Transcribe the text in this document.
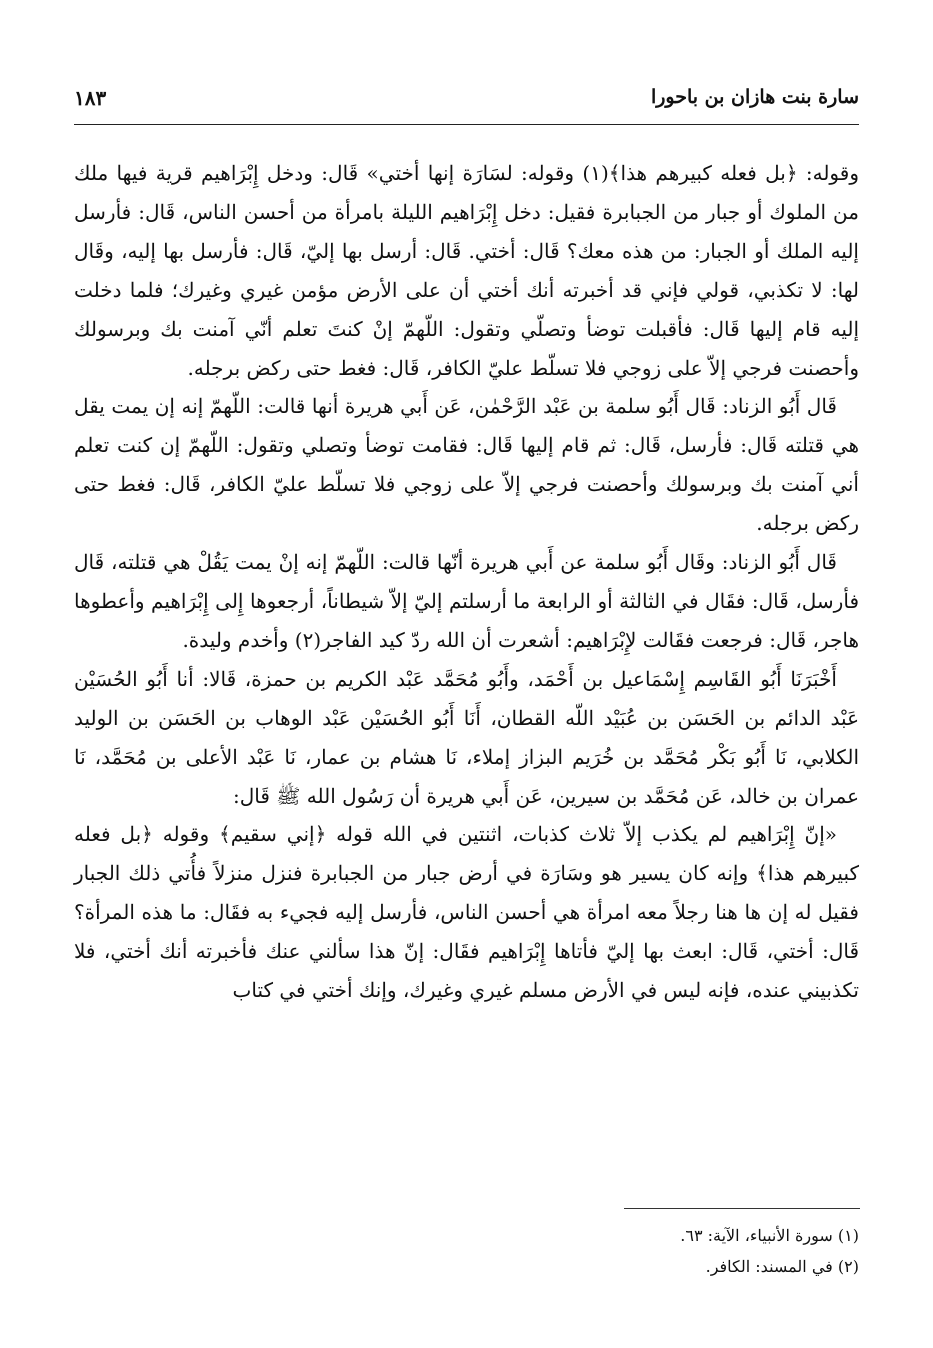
سارة بنت هازان بن باحورا
١٨٣

وقوله: ﴿بل فعله كبيرهم هذا﴾(١) وقوله: لسَارَة إنها أختي» قَال: ودخل إِبْرَاهيم قرية فيها ملك من الملوك أو جبار من الجبابرة فقيل: دخل إِبْرَاهيم الليلة بامرأة من أحسن الناس، قَال: فأرسل إليه الملك أو الجبار: من هذه معك؟ قَال: أختي. قَال: أرسل بها إليّ، قَال: فأرسل بها إليه، وقَال لها: لا تكذبي، قولي فإني قد أخبرته أنك أختي أن على الأرض مؤمن غيري وغيرك؛ فلما دخلت إليه قام إليها قَال: فأقبلت توضأ وتصلّي وتقول: اللّهمّ إنْ كنتَ تعلم أنّي آمنت بك وبرسولك وأحصنت فرجي إلاّ على زوجي فلا تسلّط عليّ الكافر، قَال: فغط حتى ركض برجله.

قَال أَبُو الزناد: قَال أَبُو سلمة بن عَبْد الرَّحْمٰن، عَن أَبي هريرة أنها قالت: اللّهمّ إنه إن يمت يقل هي قتلته قَال: فأرسل، قَال: ثم قام إليها قَال: فقامت توضأ وتصلي وتقول: اللّهمّ إن كنت تعلم أني آمنت بك وبرسولك وأحصنت فرجي إلاّ على زوجي فلا تسلّط عليّ الكافر، قَال: فغط حتى ركض برجله.

قَال أَبُو الزناد: وقَال أَبُو سلمة عن أَبي هريرة أنّها قالت: اللّهمّ إنه إنْ يمت يَقُلْ هي قتلته، قَال فأرسل، قَال: فقَال في الثالثة أو الرابعة ما أرسلتم إليّ إلاّ شيطاناً، أرجعوها إِلى إِبْرَاهيم وأعطوها هاجر، قَال: فرجعت فقَالت لإِبْرَاهيم: أشعرت أن الله ردّ كيد الفاجر(٢) وأخدم وليدة.

أَخْبَرَنَا أَبُو القَاسِم إِسْمَاعيل بن أَحْمَد، وأَبُو مُحَمَّد عَبْد الكريم بن حمزة، قَالا: أنا أَبُو الحُسَيْن عَبْد الدائم بن الحَسَن بن عُبَيْد اللّه القطان، أَنَا أَبُو الحُسَيْن عَبْد الوهاب بن الحَسَن بن الوليد الكلابي، نَا أَبُو بَكْر مُحَمَّد بن خُرَيم البزاز إملاء، نَا هشام بن عمار، نَا عَبْد الأعلى بن مُحَمَّد، نَا عمران بن خالد، عَن مُحَمَّد بن سيرين، عَن أَبي هريرة أن رَسُول الله ﷺ قَال:

«إنّ إِبْرَاهيم لم يكذب إلاّ ثلاث كذبات، اثنتين في الله قوله ﴿إني سقيم﴾ وقوله ﴿بل فعله كبيرهم هذا﴾ وإنه كان يسير هو وسَارَة في أرض جبار من الجبابرة فنزل منزلاً فأُتي ذلك الجبار فقيل له إن ها هنا رجلاً معه امرأة هي أحسن الناس، فأرسل إليه فجيء به فقَال: ما هذه المرأة؟ قَال: أختي، قَال: ابعث بها إليّ فأتاها إِبْرَاهيم فقَال: إنّ هذا سألني عنك فأخبرته أنك أختي، فلا تكذبيني عنده، فإنه ليس في الأرض مسلم غيري وغيرك، وإنك أختي في كتاب

(١) سورة الأنبياء، الآية: ٦٣.
(٢) في المسند: الكافر.
